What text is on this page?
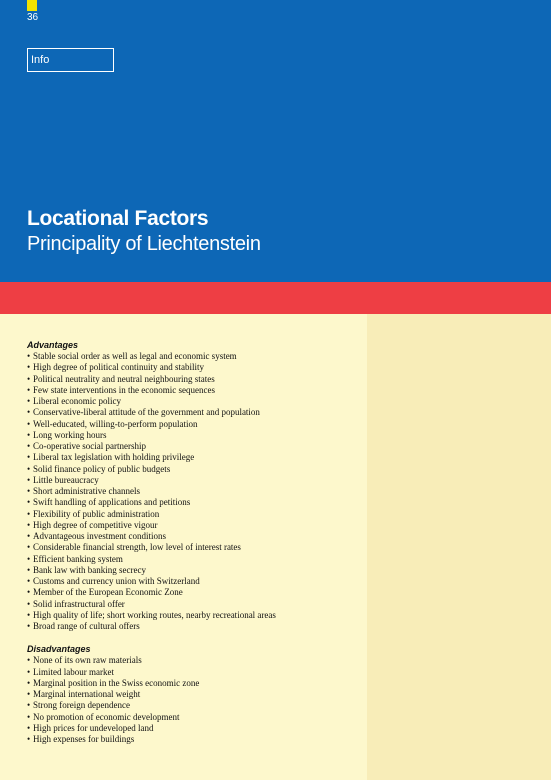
36
Info
Locational Factors
Principality of Liechtenstein

Advantages

• Stable social order as well as legal and economic system
• High degree of political continuity and stability
• Political neutrality and neutral neighbouring states
• Few state interventions in the economic sequences
• Liberal economic policy
• Conservative-liberal attitude of the government and population
• Well-educated, willing-to-perform population
• Long working hours
• Co-operative social partnership
• Liberal tax legislation with holding privilege
• Solid finance policy of public budgets
• Little bureaucracy
• Short administrative channels
• Swift handling of applications and petitions
• Flexibility of public administration
• High degree of competitive vigour
• Advantageous investment conditions
• Considerable financial strength, low level of interest rates
• Efficient banking system
• Bank law with banking secrecy
• Customs and currency union with Switzerland
• Member of the European Economic Zone
• Solid infrastructural offer
• High quality of life; short working routes, nearby recreational areas
• Broad range of cultural offers

Disadvantages

• None of its own raw materials
• Limited labour market
• Marginal position in the Swiss economic zone
• Marginal international weight
• Strong foreign dependence
• No promotion of economic development
• High prices for undeveloped land
• High expenses for buildings
